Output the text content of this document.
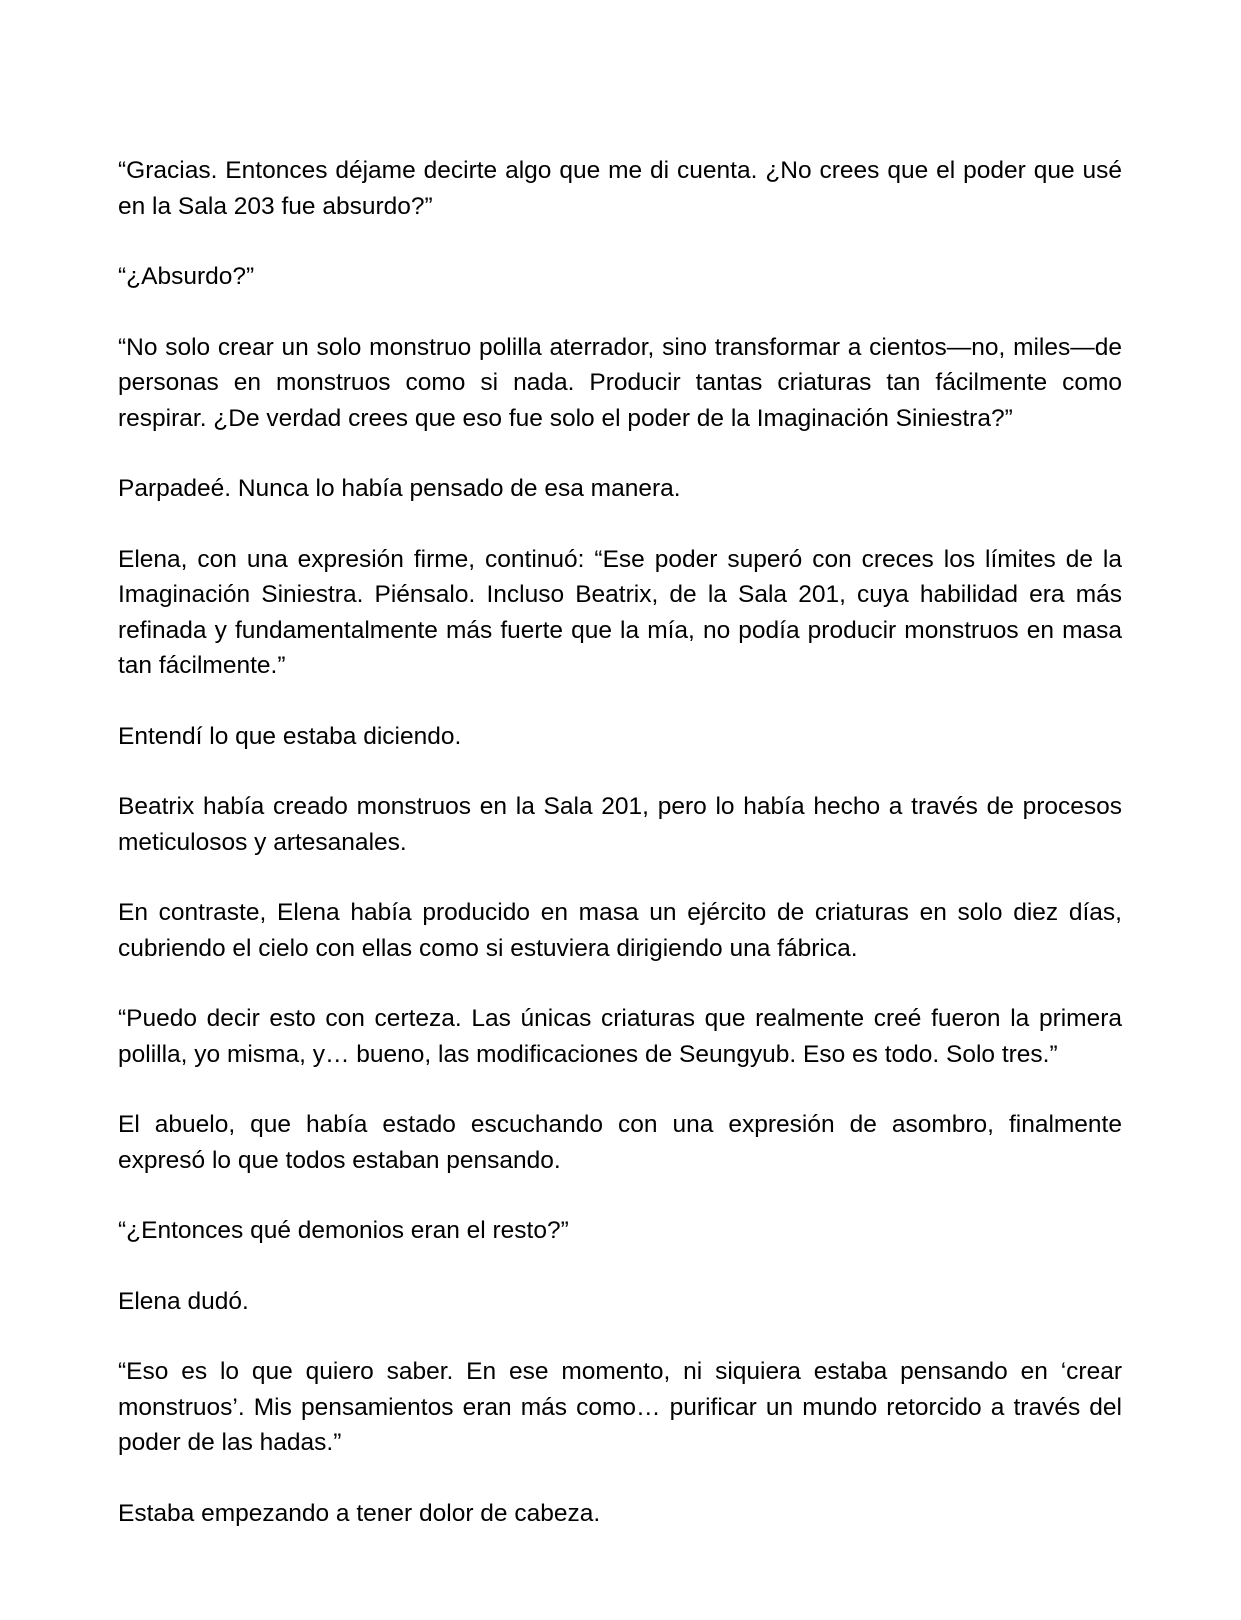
“Gracias. Entonces déjame decirte algo que me di cuenta. ¿No crees que el poder que usé en la Sala 203 fue absurdo?”

“¿Absurdo?”

“No solo crear un solo monstruo polilla aterrador, sino transformar a cientos—no, miles—de personas en monstruos como si nada. Producir tantas criaturas tan fácilmente como respirar. ¿De verdad crees que eso fue solo el poder de la Imaginación Siniestra?”

Parpadeé. Nunca lo había pensado de esa manera.

Elena, con una expresión firme, continuó: “Ese poder superó con creces los límites de la Imaginación Siniestra. Piénsalo. Incluso Beatrix, de la Sala 201, cuya habilidad era más refinada y fundamentalmente más fuerte que la mía, no podía producir monstruos en masa tan fácilmente.”

Entendí lo que estaba diciendo.

Beatrix había creado monstruos en la Sala 201, pero lo había hecho a través de procesos meticulosos y artesanales.

En contraste, Elena había producido en masa un ejército de criaturas en solo diez días, cubriendo el cielo con ellas como si estuviera dirigiendo una fábrica.

“Puedo decir esto con certeza. Las únicas criaturas que realmente creé fueron la primera polilla, yo misma, y… bueno, las modificaciones de Seungyub. Eso es todo. Solo tres.”

El abuelo, que había estado escuchando con una expresión de asombro, finalmente expresó lo que todos estaban pensando.

“¿Entonces qué demonios eran el resto?”

Elena dudó.

“Eso es lo que quiero saber. En ese momento, ni siquiera estaba pensando en ‘crear monstruos’. Mis pensamientos eran más como… purificar un mundo retorcido a través del poder de las hadas.”

Estaba empezando a tener dolor de cabeza.
